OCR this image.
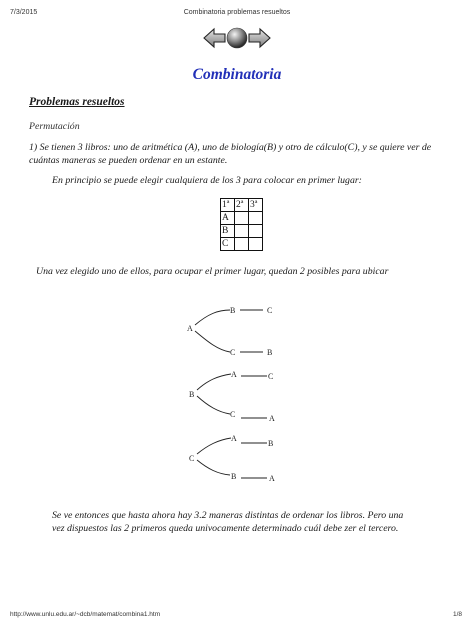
7/3/2015	Combinatoria problemas resueltos
Combinatoria
Problemas resueltos
Permutación
1) Se tienen 3 libros: uno de aritmética (A), uno de biología(B) y otro de cálculo(C), y se quiere ver de
cuántas maneras se pueden ordenar en un estante.
En principio se puede elegir cualquiera de los 3 para colocar en primer lugar:
1ª	2ª	3ª
A		
B		
C		
Una vez elegido uno de ellos, para ocupar el primer lugar, quedan 2 posibles para ubicar
A
B	C
C	B
B
A	C
C	A
C
A
B
B	A
Se ve entonces que hasta ahora hay 3.2 maneras distintas de ordenar los libros. Pero una
vez dispuestos las 2 primeros queda univocamente determinado cuál debe zer el tercero.
http://www.unlu.edu.ar/~dcb/matemat/combina1.htm	1/8
